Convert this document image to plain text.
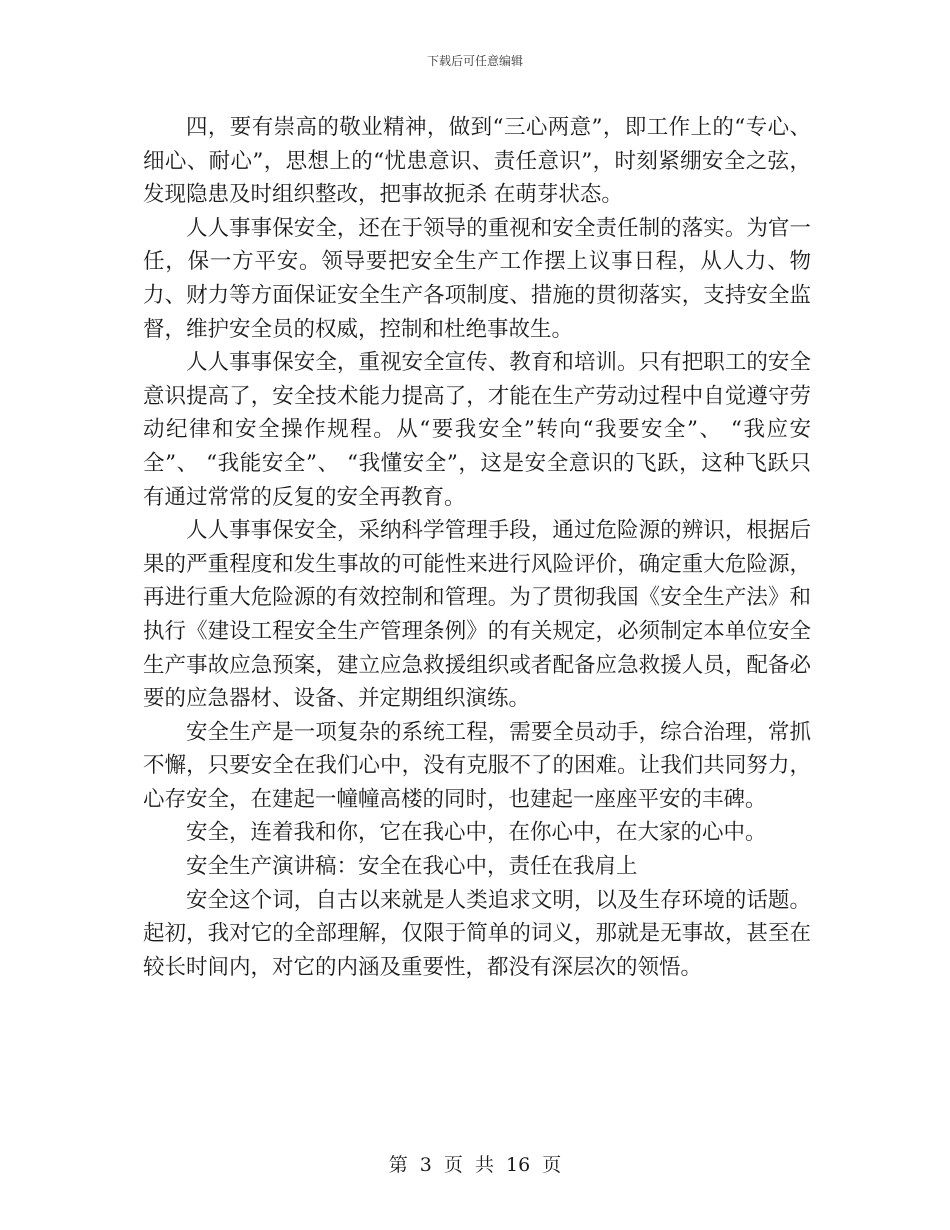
下载后可任意编辑

四，要有崇高的敬业精神，做到“三心两意”，即工作上的“专心、细心、耐心”，思想上的“忧患意识、责任意识”，时刻紧绷安全之弦，发现隐患及时组织整改，把事故扼杀 在萌芽状态。

人人事事保安全，还在于领导的重视和安全责任制的落实。为官一任，保一方平安。领导要把安全生产工作摆上议事日程，从人力、物力、财力等方面保证安全生产各项制度、措施的贯彻落实，支持安全监督，维护安全员的权威，控制和杜绝事故生。

人人事事保安全，重视安全宣传、教育和培训。只有把职工的安全意识提高了，安全技术能力提高了，才能在生产劳动过程中自觉遵守劳动纪律和安全操作规程。从“要我安全”转向“我要安全”、 “我应安全”、 “我能安全”、 “我懂安全”，这是安全意识的飞跃，这种飞跃只有通过常常的反复的安全再教育。

人人事事保安全，采纳科学管理手段，通过危险源的辨识，根据后果的严重程度和发生事故的可能性来进行风险评价，确定重大危险源，再进行重大危险源的有效控制和管理。为了贯彻我国《安全生产法》和执行《建设工程安全生产管理条例》的有关规定，必须制定本单位安全生产事故应急预案，建立应急救援组织或者配备应急救援人员，配备必要的应急器材、设备、并定期组织演练。

安全生产是一项复杂的系统工程，需要全员动手，综合治理，常抓不懈，只要安全在我们心中，没有克服不了的困难。让我们共同努力，心存安全，在建起一幢幢高楼的同时，也建起一座座平安的丰碑。

安全，连着我和你，它在我心中，在你心中，在大家的心中。

安全生产演讲稿：安全在我心中，责任在我肩上

安全这个词，自古以来就是人类追求文明，以及生存环境的话题。起初，我对它的全部理解，仅限于简单的词义，那就是无事故，甚至在较长时间内，对它的内涵及重要性，都没有深层次的领悟。

第 3 页 共 16 页
